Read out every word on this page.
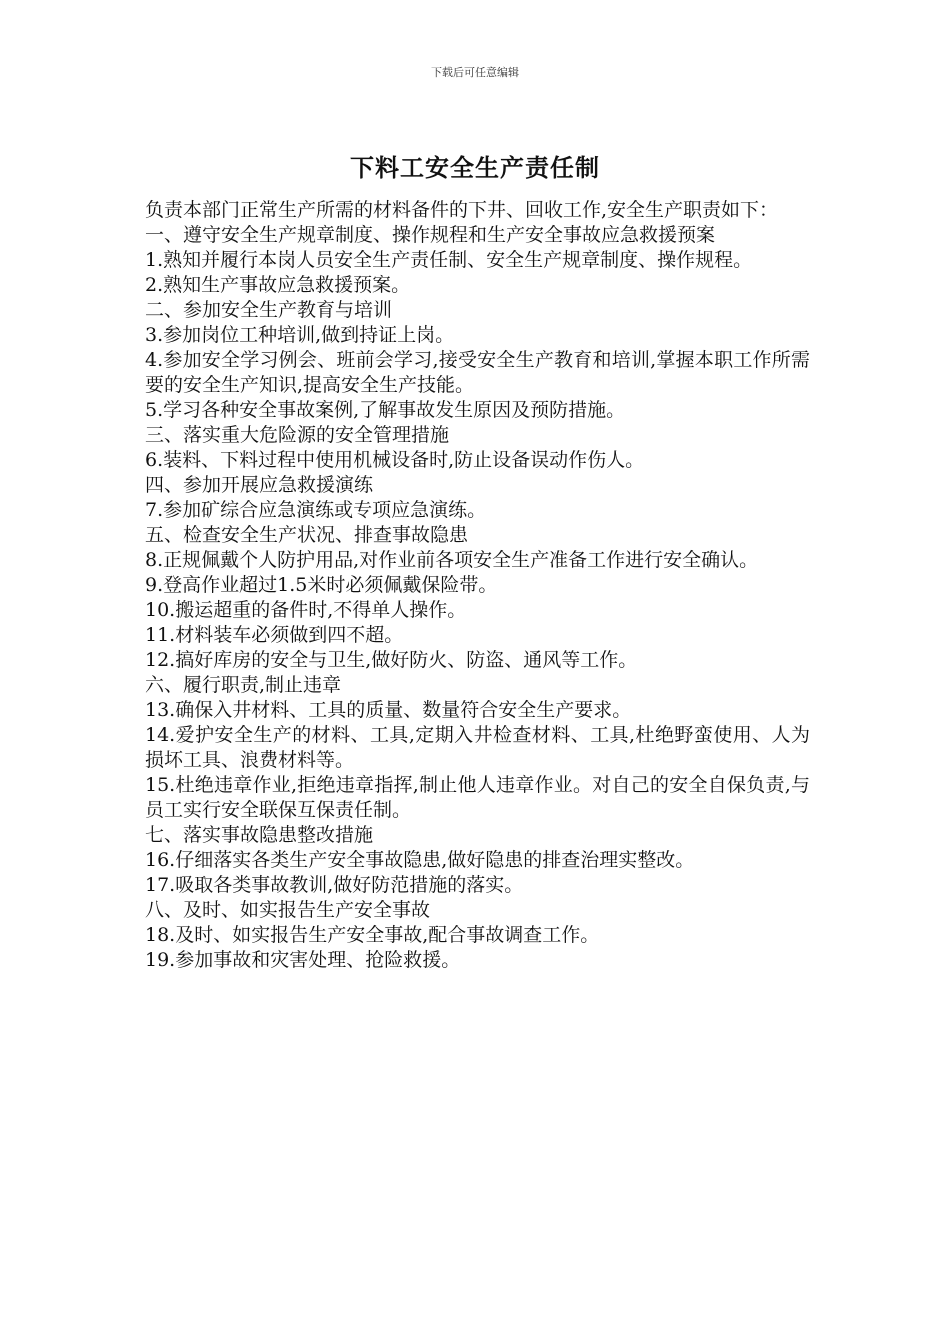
下载后可任意编辑
下料工安全生产责任制

负责本部门正常生产所需的材料备件的下井、回收工作,安全生产职责如下：

一、遵守安全生产规章制度、操作规程和生产安全事故应急救援预案

1.熟知并履行本岗人员安全生产责任制、安全生产规章制度、操作规程。

2.熟知生产事故应急救援预案。

二、参加安全生产教育与培训

3.参加岗位工种培训,做到持证上岗。

4.参加安全学习例会、班前会学习,接受安全生产教育和培训,掌握本职工作所需要的安全生产知识,提高安全生产技能。

5.学习各种安全事故案例,了解事故发生原因及预防措施。

三、落实重大危险源的安全管理措施

6.装料、下料过程中使用机械设备时,防止设备误动作伤人。

四、参加开展应急救援演练

7.参加矿综合应急演练或专项应急演练。

五、检查安全生产状况、排查事故隐患

8.正规佩戴个人防护用品,对作业前各项安全生产准备工作进行安全确认。

9.登高作业超过1.5米时必须佩戴保险带。

10.搬运超重的备件时,不得单人操作。

11.材料装车必须做到四不超。

12.搞好库房的安全与卫生,做好防火、防盗、通风等工作。

六、履行职责,制止违章

13.确保入井材料、工具的质量、数量符合安全生产要求。

14.爱护安全生产的材料、工具,定期入井检查材料、工具,杜绝野蛮使用、人为损坏工具、浪费材料等。

15.杜绝违章作业,拒绝违章指挥,制止他人违章作业。对自己的安全自保负责,与员工实行安全联保互保责任制。

七、落实事故隐患整改措施

16.仔细落实各类生产安全事故隐患,做好隐患的排查治理实整改。

17.吸取各类事故教训,做好防范措施的落实。

八、及时、如实报告生产安全事故

18.及时、如实报告生产安全事故,配合事故调查工作。

19.参加事故和灾害处理、抢险救援。
